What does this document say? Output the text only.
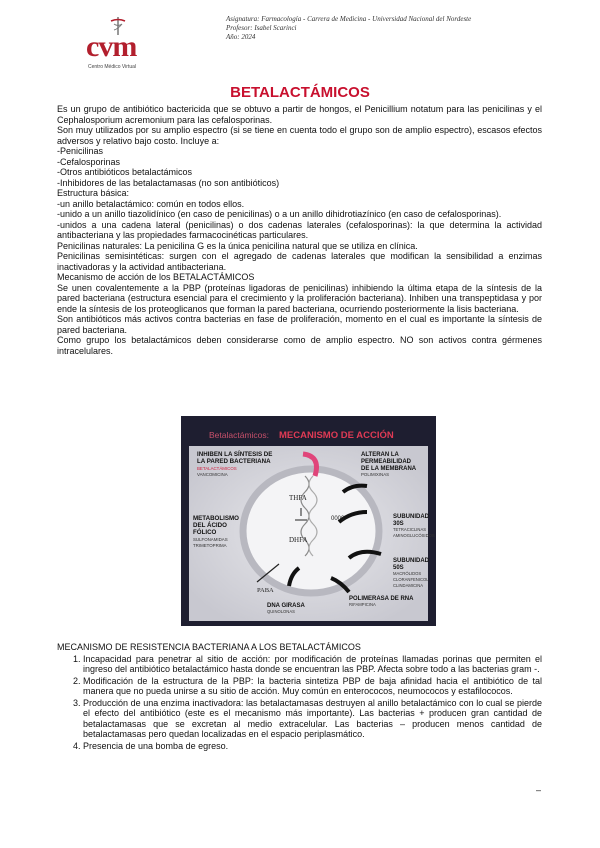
cvm
Centro Médico Virtual
Asignatura: Farmacología - Carrera de Medicina - Universidad Nacional del Nordeste
Profesor: Isabel Scarinci
Año: 2024
BETALACTÁMICOS

Es un grupo de antibiótico bactericida que se obtuvo a partir de hongos, el Penicillium notatum para las penicilinas y el Cephalosporium acremonium para las cefalosporinas.

Son muy utilizados por su amplio espectro (si se tiene en cuenta todo el grupo son de amplio espectro), escasos efectos adversos y relativo bajo costo. Incluye a:

-Penicilinas

-Cefalosporinas

-Otros antibióticos betalactámicos

-Inhibidores de las betalactamasas (no son antibióticos)

Estructura básica:

-un anillo betalactámico: común en todos ellos.

-unido a un anillo tiazolidínico (en caso de penicilinas) o a un anillo dihidrotiazínico (en caso de cefalosporinas).

-unidos a una cadena lateral (penicilinas) o dos cadenas laterales (cefalosporinas): la que determina la actividad antibacteriana y las propiedades farmacocinéticas particulares.

Penicilinas naturales: La penicilina G es la única penicilina natural que se utiliza en clínica.

Penicilinas semisintéticas: surgen con el agregado de cadenas laterales que modifican la sensibilidad a enzimas inactivadoras y la actividad antibacteriana.

Mecanismo de acción de los BETALACTÁMICOS

Se unen covalentemente a la PBP (proteínas ligadoras de penicilinas) inhibiendo la última etapa de la síntesis de la pared bacteriana (estructura esencial para el crecimiento y la proliferación bacteriana). Inhiben una transpeptidasa y por ende la síntesis de los proteoglicanos que forman la pared bacteriana, ocurriendo posteriormente la lisis bacteriana.

Son antibióticos más activos contra bacterias en fase de proliferación, momento en el cual es importante la síntesis de pared bacteriana.

Como grupo los betalactámicos deben considerarse como de amplio espectro. NO son activos contra gérmenes intracelulares.

Betalactámicos: MECANISMO DE ACCIÓN
INHIBEN LA SÍNTESIS DE
LA PARED BACTERIANA
BETALACTÁMICOS
VANCOMICINA
ALTERAN LA
PERMEABILIDAD
DE LA MEMBRANA
POLIMIXINAS
METABOLISMO
DEL ÁCIDO
FÓLICO
SULFONAMIDAS
TRIMETOPRIMA
THFA
DHFA
0000
PABA
SUBUNIDAD
30S
TETRACICLINAS
AMINOGLUCÓSIDOS
SUBUNIDAD
50S
MACRÓLIDOS
CLORANFENICOL
CLINDAMICINA
POLIMERASA DE RNA
RIFAMPICINA
DNA GIRASA
QUINOLONAS

MECANISMO DE RESISTENCIA BACTERIANA A LOS BETALACTÁMICOS

1. Incapacidad para penetrar al sitio de acción: por modificación de proteínas llamadas porinas que permiten el ingreso del antibiótico betalactámico hasta donde se encuentran las PBP. Afecta sobre todo a las bacterias gram -.
2. Modificación de la estructura de la PBP: la bacteria sintetiza PBP de baja afinidad hacia el antibiótico de tal manera que no pueda unirse a su sitio de acción. Muy común en enterococos, neumococos y estafilococos.
3. Producción de una enzima inactivadora: las betalactamasas destruyen al anillo betalactámico con lo cual se pierde el efecto del antibiótico (este es el mecanismo más importante). Las bacterias + producen gran cantidad de betalactamasas que se excretan al medio extracelular. Las bacterias – producen menos cantidad de betalactamasas pero quedan localizadas en el espacio periplasmático.
4. Presencia de una bomba de egreso.
–
